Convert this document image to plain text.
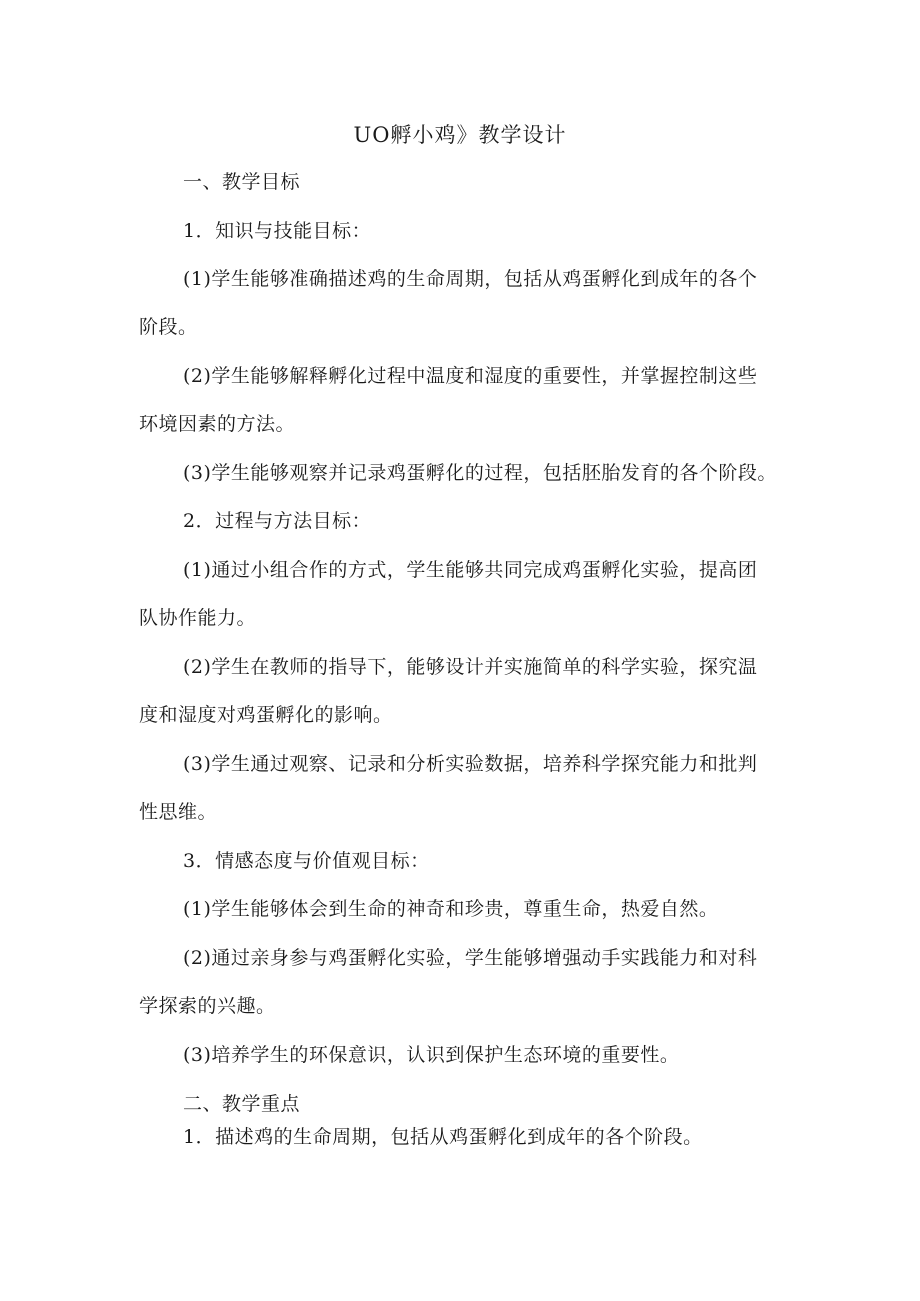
UO孵小鸡》教学设计
一、教学目标
1．知识与技能目标：
(1)学生能够准确描述鸡的生命周期，包括从鸡蛋孵化到成年的各个
阶段。
(2)学生能够解释孵化过程中温度和湿度的重要性，并掌握控制这些
环境因素的方法。
(3)学生能够观察并记录鸡蛋孵化的过程，包括胚胎发育的各个阶段。
2．过程与方法目标：
(1)通过小组合作的方式，学生能够共同完成鸡蛋孵化实验，提高团
队协作能力。
(2)学生在教师的指导下，能够设计并实施简单的科学实验，探究温
度和湿度对鸡蛋孵化的影响。
(3)学生通过观察、记录和分析实验数据，培养科学探究能力和批判
性思维。
3．情感态度与价值观目标：
(1)学生能够体会到生命的神奇和珍贵，尊重生命，热爱自然。
(2)通过亲身参与鸡蛋孵化实验，学生能够增强动手实践能力和对科
学探索的兴趣。
(3)培养学生的环保意识，认识到保护生态环境的重要性。
二、教学重点
1．描述鸡的生命周期，包括从鸡蛋孵化到成年的各个阶段。
